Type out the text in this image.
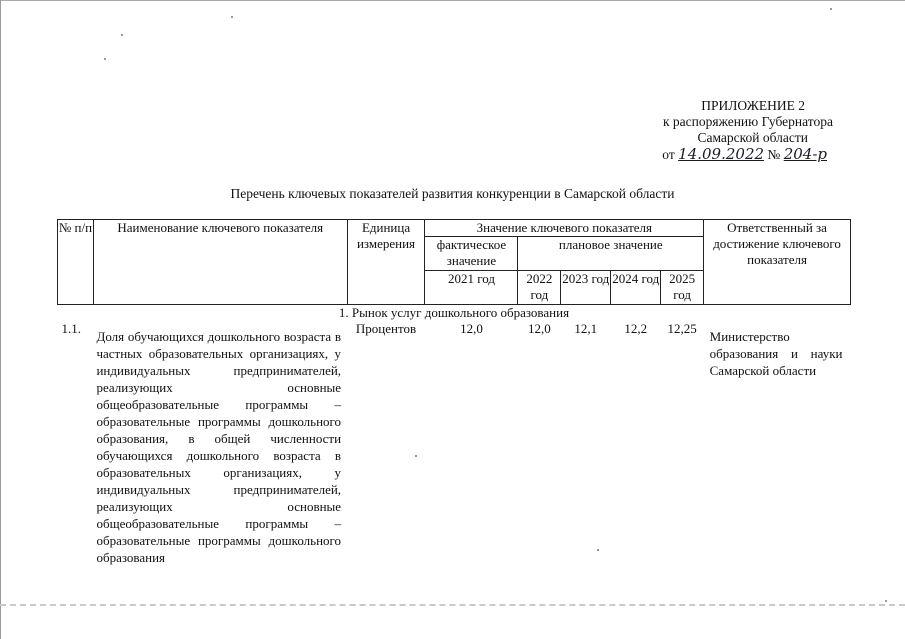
ПРИЛОЖЕНИЕ 2
к распоряжению Губернатора
Самарской области
от 14.09.2022 № 204-р
Перечень ключевых показателей развития конкуренции в Самарской области
№ п/п	Наименование ключевого показателя	Единица измерения	Значение ключевого показателя					Ответственный за достижение ключевого показателя
			фактическое значение	плановое значение				
			2021 год	2022 год	2023 год	2024 год	2025 год	
1. Рынок услуг дошкольного образования								
1.1.	Доля обучающихся дошкольного возраста в частных образовательных организациях, у индивидуальных предпринимателей, реализующих основные общеобразовательные программы – образовательные программы дошкольного образования, в общей численности обучающихся дошкольного возраста в образовательных организациях, у индивидуальных предпринимателей, реализующих основные общеобразовательные программы – образовательные программы дошкольного образования	Процентов	12,0	12,0	12,1	12,2	12,25	Министерство образования и науки Самарской области
